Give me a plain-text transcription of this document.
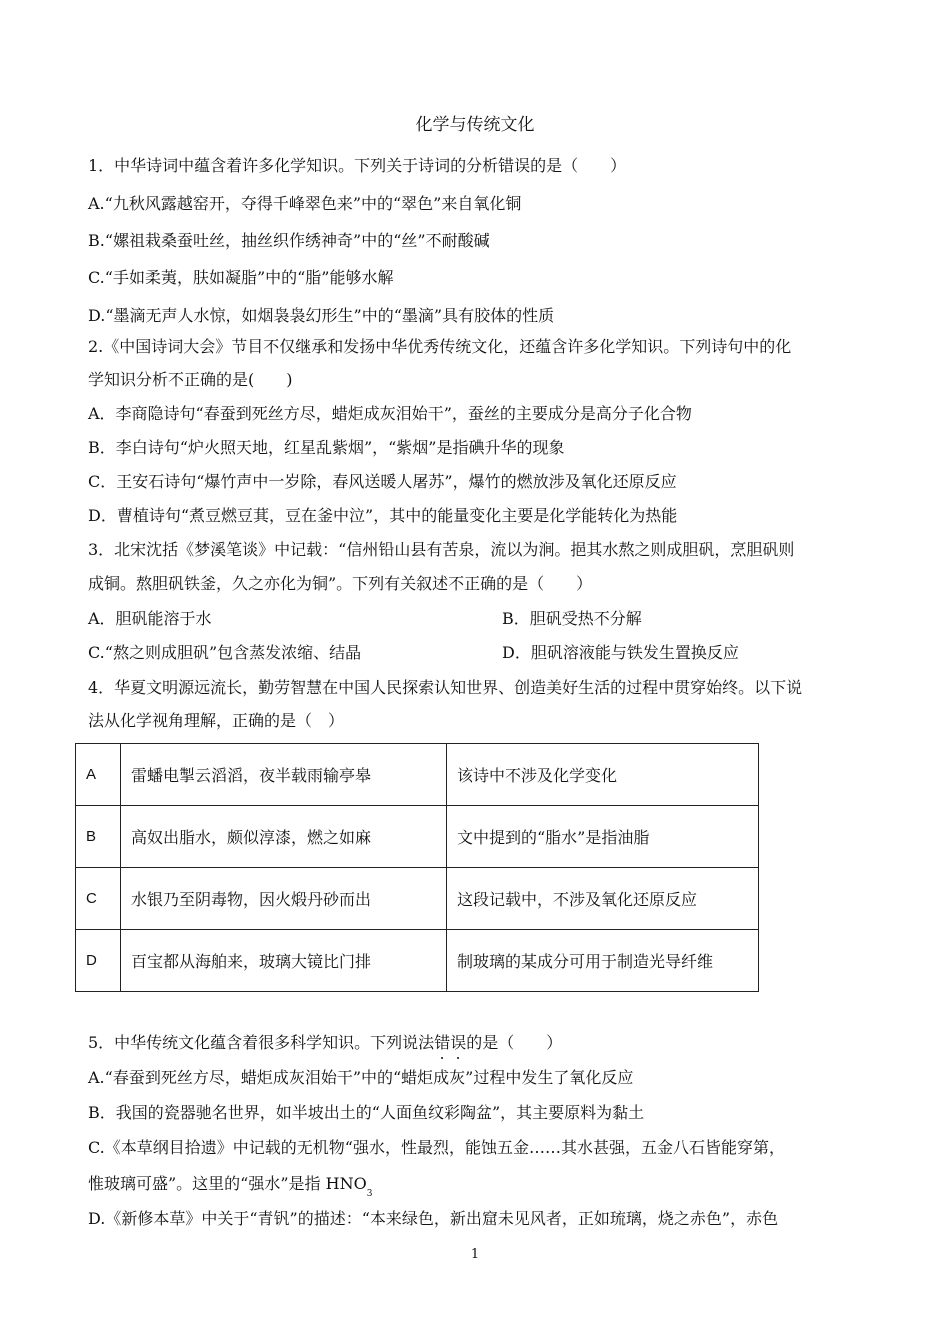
化学与传统文化
1．中华诗词中蕴含着许多化学知识。下列关于诗词的分析错误的是（　　）
A.“九秋风露越窑开，夺得千峰翠色来”中的“翠色”来自氧化铜
B.“嫘祖栽桑蚕吐丝，抽丝织作绣神奇”中的“丝”不耐酸碱
C.“手如柔荑，肤如凝脂”中的“脂”能够水解
D.“墨滴无声人水惊，如烟袅袅幻形生”中的“墨滴”具有胶体的性质
2.《中国诗词大会》节目不仅继承和发扬中华优秀传统文化，还蕴含许多化学知识。下列诗句中的化
学知识分析不正确的是(　　)
A．李商隐诗句“春蚕到死丝方尽，蜡炬成灰泪始干”，蚕丝的主要成分是高分子化合物
B．李白诗句“炉火照天地，红星乱紫烟”，“紫烟”是指碘升华的现象
C．王安石诗句“爆竹声中一岁除，春风送暖人屠苏”，爆竹的燃放涉及氧化还原反应
D．曹植诗句“煮豆燃豆萁，豆在釜中泣”，其中的能量变化主要是化学能转化为热能
3．北宋沈括《梦溪笔谈》中记载：“信州铅山县有苦泉，流以为涧。挹其水熬之则成胆矾，烹胆矾则
成铜。熬胆矾铁釜，久之亦化为铜”。下列有关叙述不正确的是（　　）
A．胆矾能溶于水	B．胆矾受热不分解
C.“熬之则成胆矾”包含蒸发浓缩、结晶	D．胆矾溶液能与铁发生置换反应
4．华夏文明源远流长，勤劳智慧在中国人民探索认知世界、创造美好生活的过程中贯穿始终。以下说
法从化学视角理解，正确的是（　）
A	雷蟠电掣云滔滔，夜半载雨输亭皋	该诗中不涉及化学变化
B	高奴出脂水，颇似淳漆，燃之如麻	文中提到的“脂水”是指油脂
C	水银乃至阴毒物，因火煅丹砂而出	这段记载中，不涉及氧化还原反应
D	百宝都从海舶来，玻璃大镜比门排	制玻璃的某成分可用于制造光导纤维
5．中华传统文化蕴含着很多科学知识。下列说法错误的是（　　）
A.“春蚕到死丝方尽，蜡炬成灰泪始干”中的“蜡炬成灰”过程中发生了氧化反应
B．我国的瓷器驰名世界，如半坡出土的“人面鱼纹彩陶盆”，其主要原料为黏土
C.《本草纲目拾遗》中记载的无机物“强水，性最烈，能蚀五金……其水甚强，五金八石皆能穿第，
惟玻璃可盛”。这里的“强水”是指 $HNO_3$
D.《新修本草》中关于“青钒”的描述：“本来绿色，新出窟未见风者，正如琉璃，烧之赤色”，赤色
1
